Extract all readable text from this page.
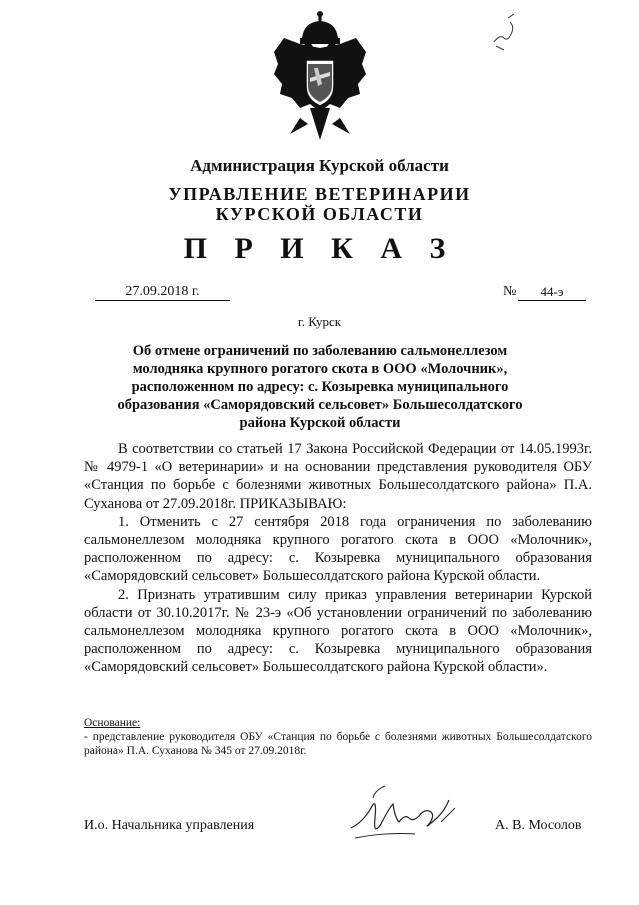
Администрация Курской области
УПРАВЛЕНИЕ ВЕТЕРИНАРИИ
КУРСКОЙ ОБЛАСТИ
П Р И К А З
27.09.2018 г.	№	44-э
г. Курск
Об отмене ограничений по заболеванию сальмонеллезом молодняка крупного рогатого скота в ООО «Молочник», расположенном по адресу: с. Козыревка муниципального образования «Саморядовский сельсовет» Большесолдатского района Курской области

В соответствии со статьей 17 Закона Российской Федерации от 14.05.1993г. № 4979-1 «О ветеринарии» и на основании представления руководителя ОБУ «Станция по борьбе с болезнями животных Большесолдатского района» П.А. Суханова от 27.09.2018г. ПРИКАЗЫВАЮ:

1. Отменить с 27 сентября 2018 года ограничения по заболеванию сальмонеллезом молодняка крупного рогатого скота в ООО «Молочник», расположенном по адресу: с. Козыревка муниципального образования «Саморядовский сельсовет» Большесолдатского района Курской области.

2. Признать утратившим силу приказ управления ветеринарии Курской области от 30.10.2017г. № 23-э «Об установлении ограничений по заболеванию сальмонеллезом молодняка крупного рогатого скота в ООО «Молочник», расположенном по адресу: с. Козыревка муниципального образования «Саморядовский сельсовет» Большесолдатского района Курской области».

Основание:
- представление руководителя ОБУ «Станция по борьбе с болезнями животных Большесолдатского района» П.А. Суханова № 345 от 27.09.2018г.
И.о. Начальника управления	А. В. Мосолов
